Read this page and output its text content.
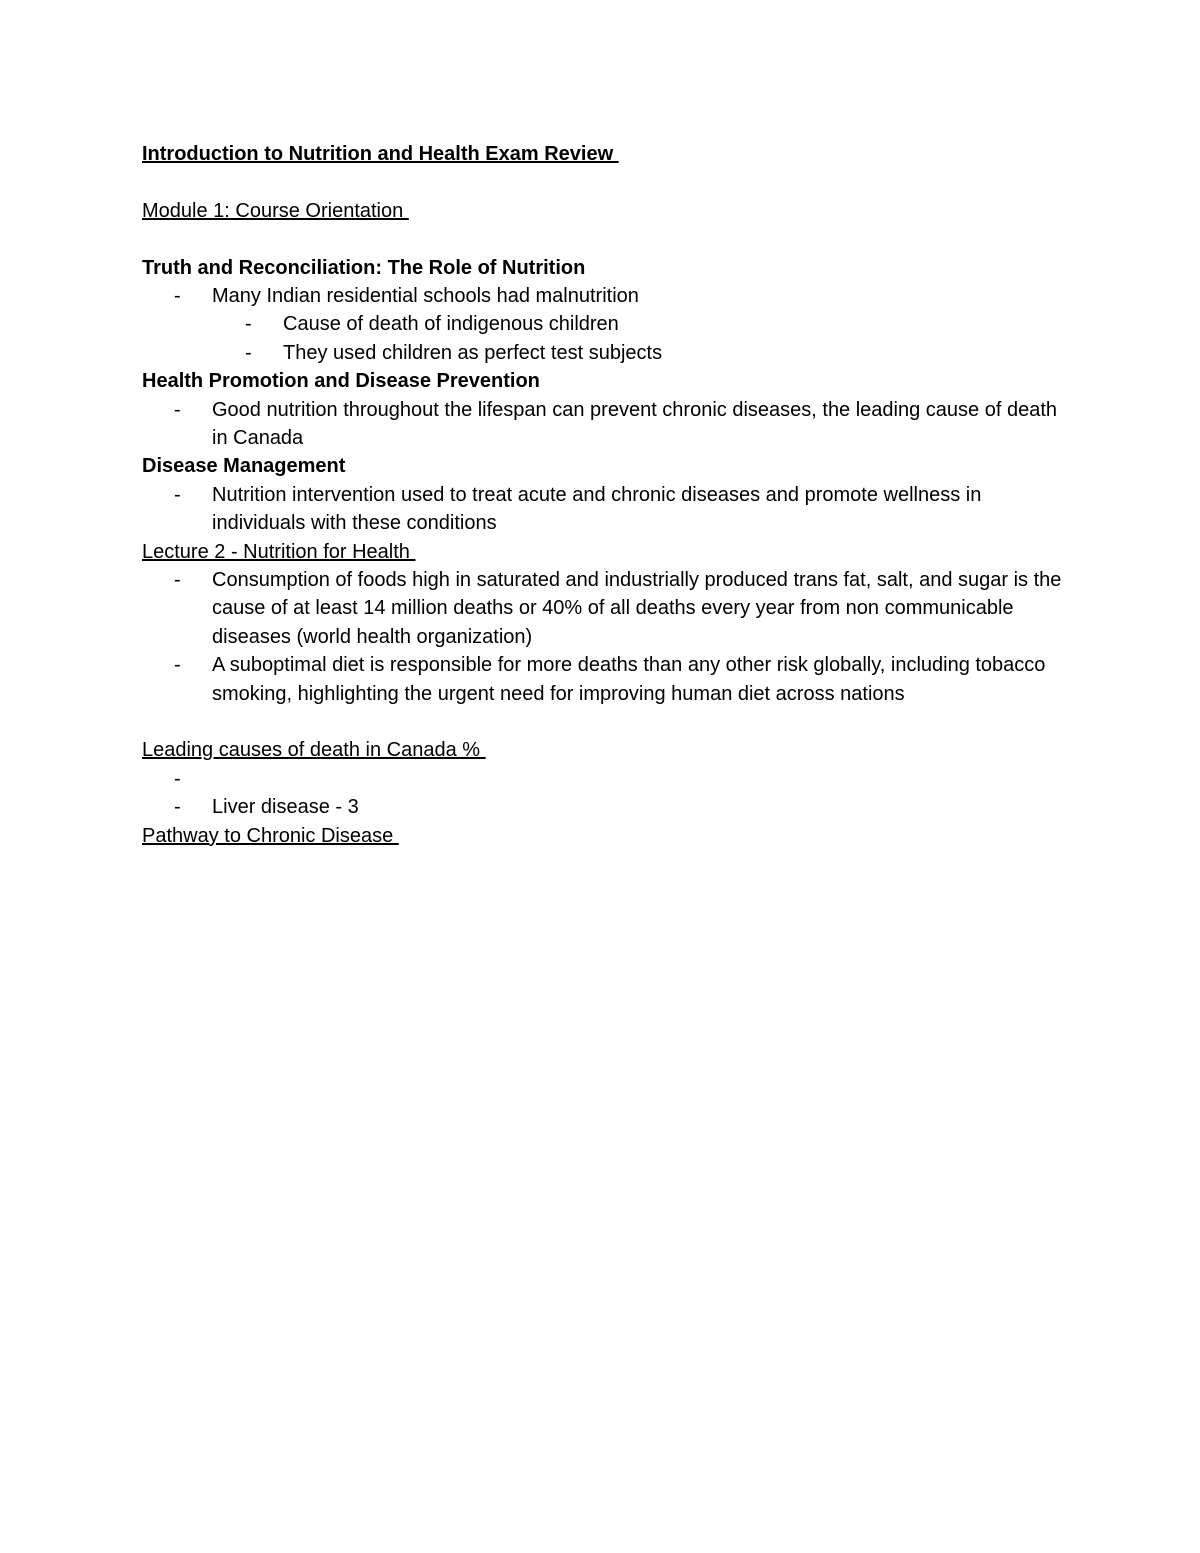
Introduction to Nutrition and Health Exam Review
Module 1: Course Orientation
Truth and Reconciliation: The Role of Nutrition
- Many Indian residential schools had malnutrition
- Cause of death of indigenous children
- They used children as perfect test subjects
Health Promotion and Disease Prevention
- Good nutrition throughout the lifespan can prevent chronic diseases, the leading cause of death in Canada
Disease Management
- Nutrition intervention used to treat acute and chronic diseases and promote wellness in individuals with these conditions
Lecture 2 - Nutrition for Health
- Consumption of foods high in saturated and industrially produced trans fat, salt, and sugar is the cause of at least 14 million deaths or 40% of all deaths every year from non communicable diseases (world health organization)
- A suboptimal diet is responsible for more deaths than any other risk globally, including tobacco smoking, highlighting the urgent need for improving human diet across nations
Leading causes of death in Canada %
-

- Liver disease - 3
Pathway to Chronic Disease
